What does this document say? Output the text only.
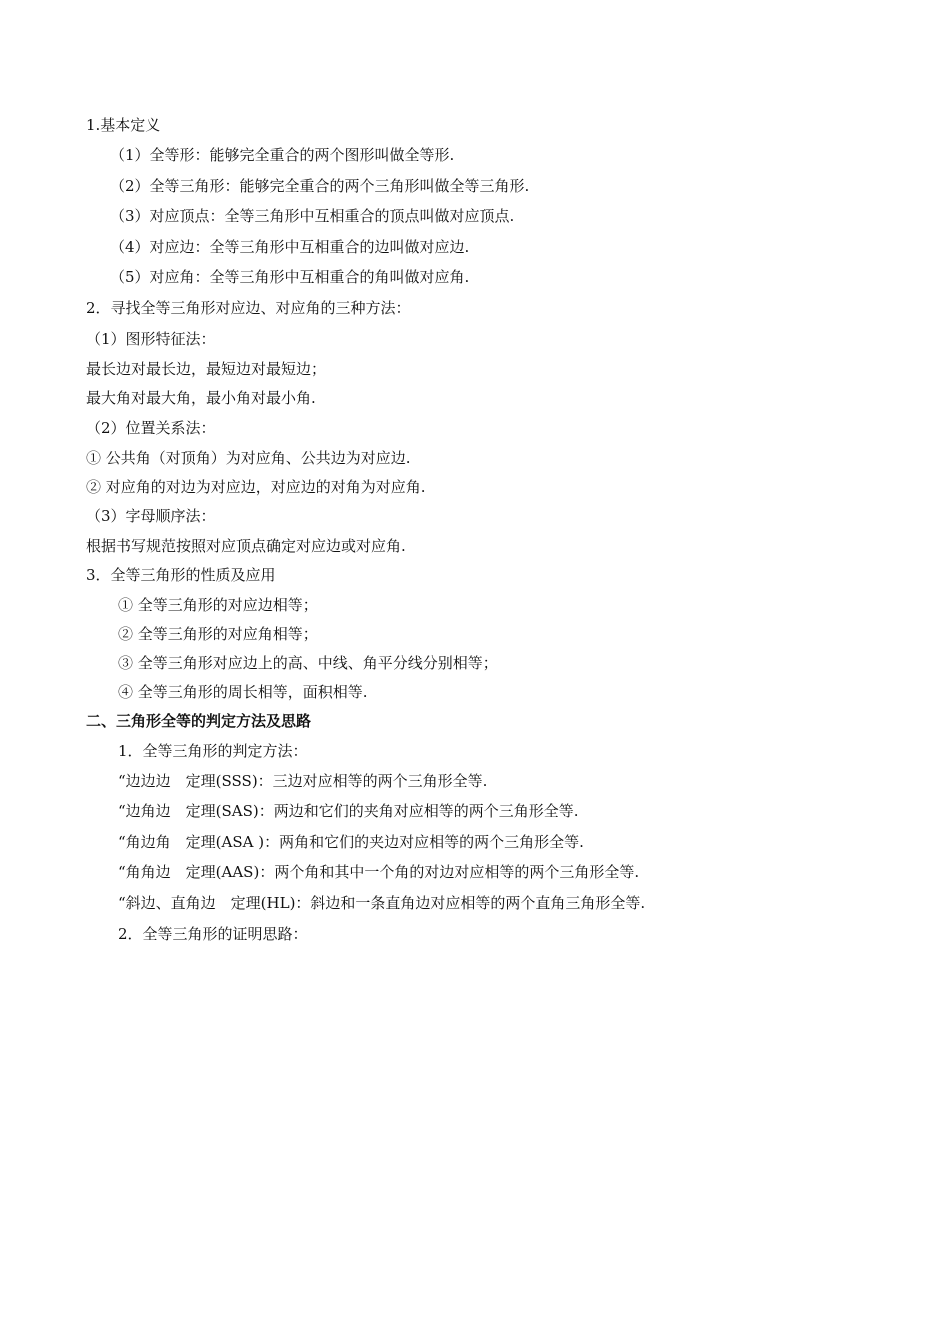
1.基本定义
（1）全等形：能够完全重合的两个图形叫做全等形.
（2）全等三角形：能够完全重合的两个三角形叫做全等三角形.
（3）对应顶点：全等三角形中互相重合的顶点叫做对应顶点.
（4）对应边：全等三角形中互相重合的边叫做对应边.
（5）对应角：全等三角形中互相重合的角叫做对应角.
2．寻找全等三角形对应边、对应角的三种方法：
（1）图形特征法：
最长边对最长边，最短边对最短边；
最大角对最大角，最小角对最小角.
（2）位置关系法：
① 公共角（对顶角）为对应角、公共边为对应边.
② 对应角的对边为对应边，对应边的对角为对应角.
（3）字母顺序法：
根据书写规范按照对应顶点确定对应边或对应角.
3．全等三角形的性质及应用
① 全等三角形的对应边相等；
② 全等三角形的对应角相等；
③ 全等三角形对应边上的高、中线、角平分线分别相等；
④ 全等三角形的周长相等，面积相等.
二、三角形全等的判定方法及思路
1．全等三角形的判定方法：
“边边边　定理(SSS)：三边对应相等的两个三角形全等.
“边角边　定理(SAS)：两边和它们的夹角对应相等的两个三角形全等.
“角边角　定理(ASA )：两角和它们的夹边对应相等的两个三角形全等.
“角角边　定理(AAS)：两个角和其中一个角的对边对应相等的两个三角形全等.
“斜边、直角边　定理(HL)：斜边和一条直角边对应相等的两个直角三角形全等.
2．全等三角形的证明思路：
